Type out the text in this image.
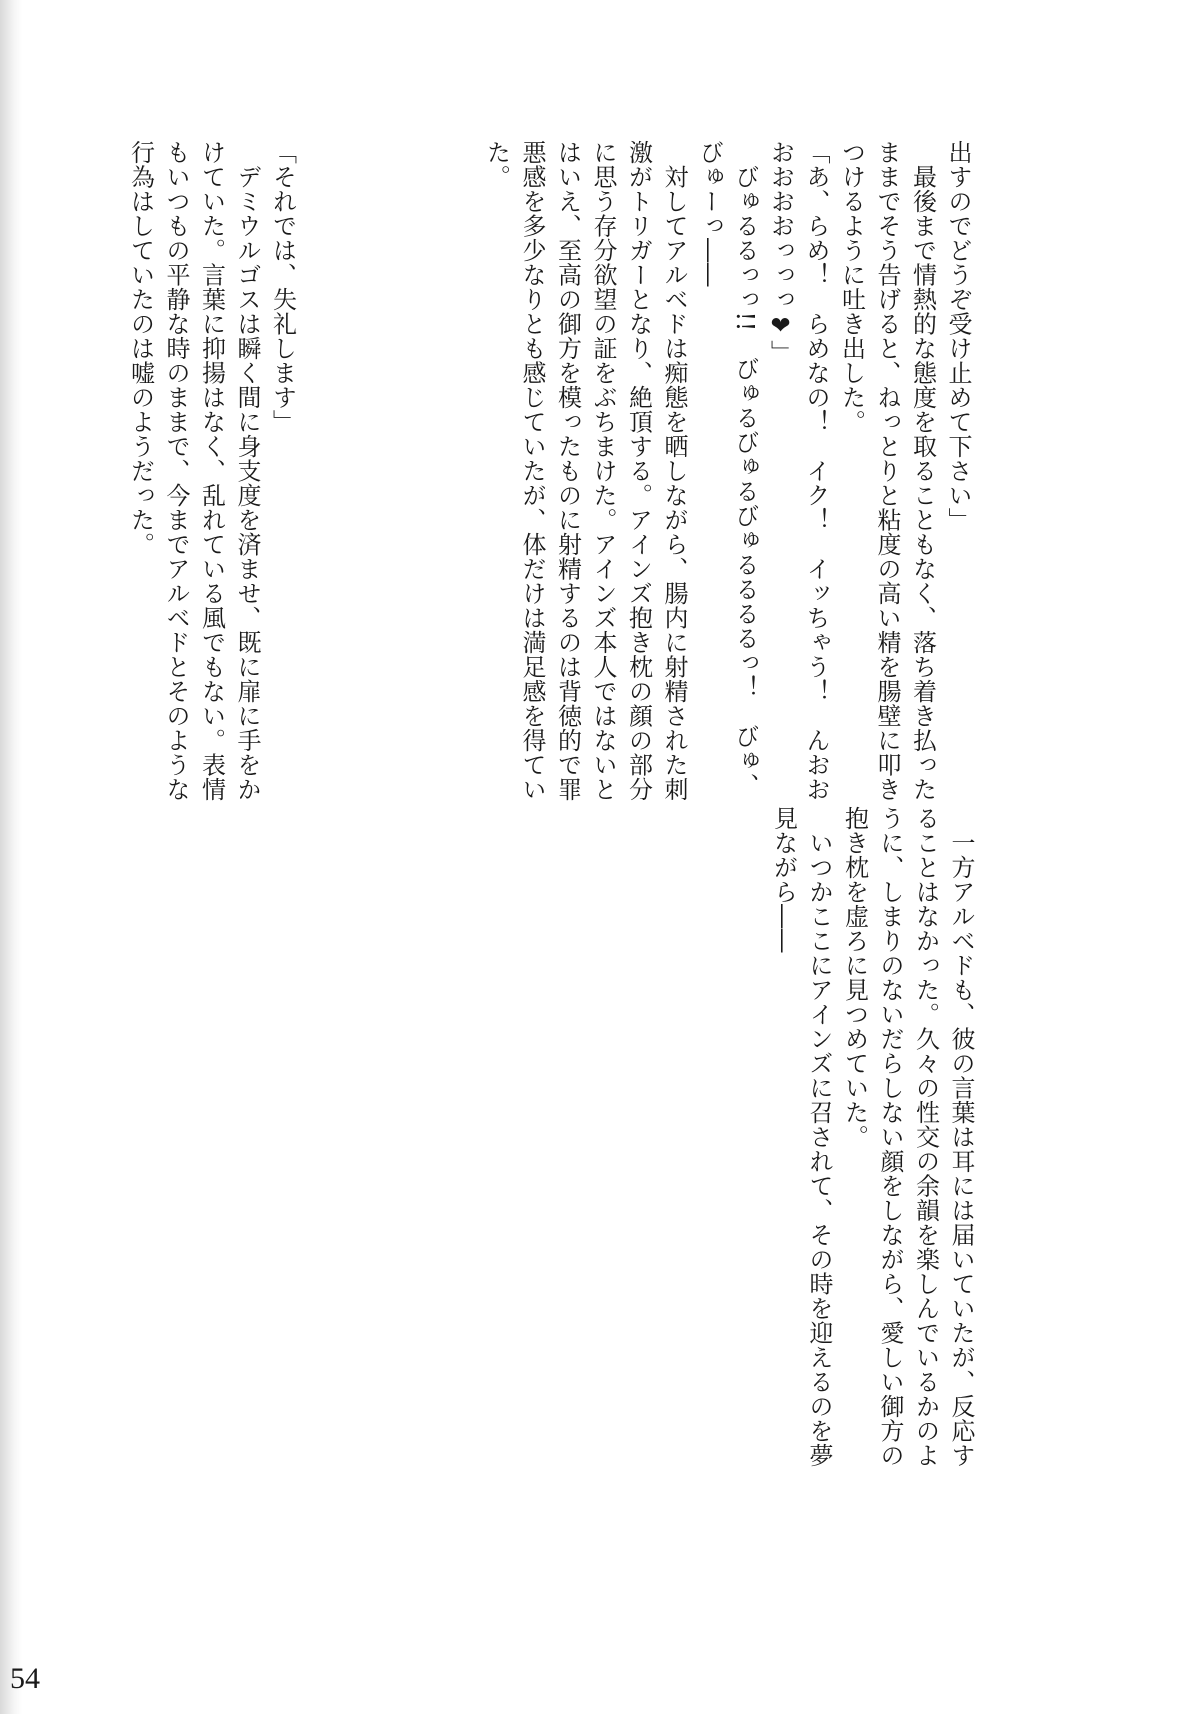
出すのでどうぞ受け止めて下さい」
　最後まで情熱的な態度を取ることもなく、落ち着き払った
ままでそう告げると、ねっとりと粘度の高い精を腸壁に叩き
つけるように吐き出した。
「あ、らめ！　らめなの！　イク！　イッちゃう！　んおお
おおおおっっっ❤」
　びゅるるっっ!!　びゅるびゅるびゅるるるるっ！　びゅ、
びゅーっ――
　対してアルベドは痴態を晒しながら、腸内に射精された刺
激がトリガーとなり、絶頂する。アインズ抱き枕の顔の部分
に思う存分欲望の証をぶちまけた。アインズ本人ではないと
はいえ、至高の御方を模ったものに射精するのは背徳的で罪
悪感を多少なりとも感じていたが、体だけは満足感を得てい
た。
「それでは、失礼します」
　デミウルゴスは瞬く間に身支度を済ませ、既に扉に手をか
けていた。言葉に抑揚はなく、乱れている風でもない。表情
もいつもの平静な時のままで、今までアルベドとそのような
行為はしていたのは嘘のようだった。
　一方アルベドも、彼の言葉は耳には届いていたが、反応す
ることはなかった。久々の性交の余韻を楽しんでいるかのよ
うに、しまりのないだらしない顔をしながら、愛しい御方の
抱き枕を虚ろに見つめていた。
　いつかここにアインズに召されて、その時を迎えるのを夢
見ながら――
54
